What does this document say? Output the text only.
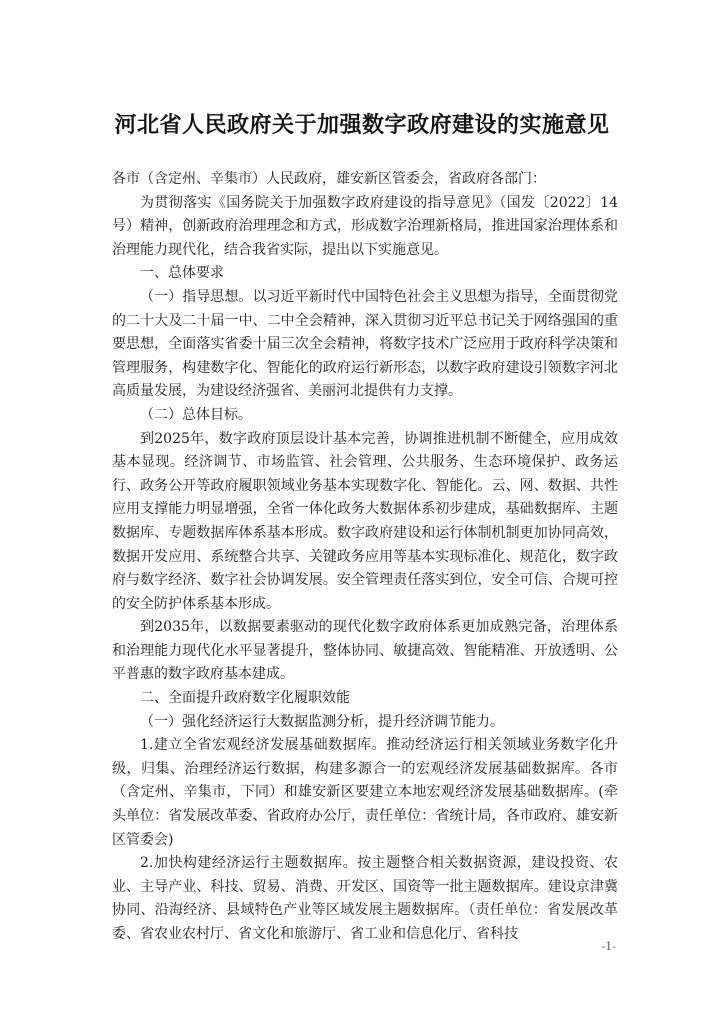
河北省人民政府关于加强数字政府建设的实施意见

各市（含定州、辛集市）人民政府，雄安新区管委会，省政府各部门：

为贯彻落实《国务院关于加强数字政府建设的指导意见》（国发〔2022〕14号）精神，创新政府治理理念和方式，形成数字治理新格局，推进国家治理体系和治理能力现代化，结合我省实际，提出以下实施意见。

一、总体要求

（一）指导思想。以习近平新时代中国特色社会主义思想为指导，全面贯彻党的二十大及二十届一中、二中全会精神，深入贯彻习近平总书记关于网络强国的重要思想，全面落实省委十届三次全会精神，将数字技术广泛应用于政府科学决策和管理服务，构建数字化、智能化的政府运行新形态，以数字政府建设引领数字河北高质量发展，为建设经济强省、美丽河北提供有力支撑。

（二）总体目标。

到2025年，数字政府顶层设计基本完善，协调推进机制不断健全，应用成效基本显现。经济调节、市场监管、社会管理、公共服务、生态环境保护、政务运行、政务公开等政府履职领域业务基本实现数字化、智能化。云、网、数据、共性应用支撑能力明显增强，全省一体化政务大数据体系初步建成，基础数据库、主题数据库、专题数据库体系基本形成。数字政府建设和运行体制机制更加协同高效，数据开发应用、系统整合共享、关键政务应用等基本实现标准化、规范化，数字政府与数字经济、数字社会协调发展。安全管理责任落实到位，安全可信、合规可控的安全防护体系基本形成。

到2035年，以数据要素驱动的现代化数字政府体系更加成熟完备，治理体系和治理能力现代化水平显著提升，整体协同、敏捷高效、智能精准、开放透明、公平普惠的数字政府基本建成。

二、全面提升政府数字化履职效能

（一）强化经济运行大数据监测分析，提升经济调节能力。

1.建立全省宏观经济发展基础数据库。推动经济运行相关领域业务数字化升级，归集、治理经济运行数据，构建多源合一的宏观经济发展基础数据库。各市（含定州、辛集市，下同）和雄安新区要建立本地宏观经济发展基础数据库。(牵头单位：省发展改革委、省政府办公厅，责任单位：省统计局，各市政府、雄安新区管委会)

2.加快构建经济运行主题数据库。按主题整合相关数据资源，建设投资、农业、主导产业、科技、贸易、消费、开发区、国资等一批主题数据库。建设京津冀协同、沿海经济、县域特色产业等区域发展主题数据库。（责任单位：省发展改革委、省农业农村厅、省文化和旅游厅、省工业和信息化厅、省科技

-1-
